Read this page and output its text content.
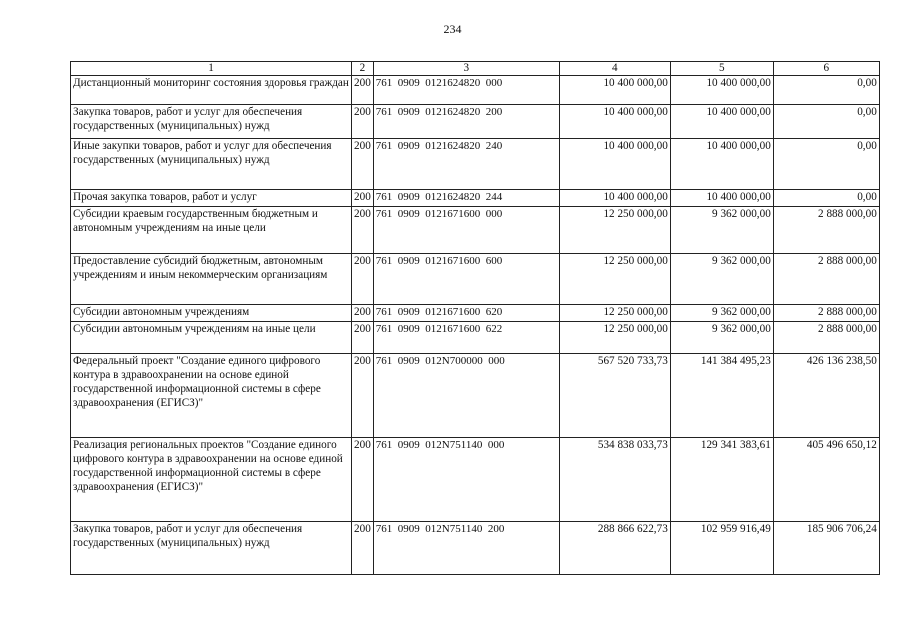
234
1	2	3	4	5	6
Дистанционный мониторинг состояния здоровья граждан	200	761  0909  0121624820  000	10 400 000,00	10 400 000,00	0,00
Закупка товаров, работ и услуг для обеспечения государственных (муниципальных) нужд	200	761  0909  0121624820  200	10 400 000,00	10 400 000,00	0,00
Иные закупки товаров, работ и услуг для обеспечения государственных (муниципальных) нужд	200	761  0909  0121624820  240	10 400 000,00	10 400 000,00	0,00
Прочая закупка товаров, работ и услуг	200	761  0909  0121624820  244	10 400 000,00	10 400 000,00	0,00
Субсидии краевым государственным бюджетным и автономным учреждениям на иные цели	200	761  0909  0121671600  000	12 250 000,00	9 362 000,00	2 888 000,00
Предоставление субсидий бюджетным, автономным учреждениям и иным некоммерческим организациям	200	761  0909  0121671600  600	12 250 000,00	9 362 000,00	2 888 000,00
Субсидии автономным учреждениям	200	761  0909  0121671600  620	12 250 000,00	9 362 000,00	2 888 000,00
Субсидии автономным учреждениям на иные цели	200	761  0909  0121671600  622	12 250 000,00	9 362 000,00	2 888 000,00
Федеральный проект "Создание единого цифрового контура в здравоохранении на основе единой государственной информационной системы в сфере здравоохранения (ЕГИСЗ)"	200	761  0909  012N700000  000	567 520 733,73	141 384 495,23	426 136 238,50
Реализация региональных проектов "Создание единого цифрового контура в здравоохранении на основе единой государственной информационной системы в сфере здравоохранения (ЕГИСЗ)"	200	761  0909  012N751140  000	534 838 033,73	129 341 383,61	405 496 650,12
Закупка товаров, работ и услуг для обеспечения государственных (муниципальных) нужд	200	761  0909  012N751140  200	288 866 622,73	102 959 916,49	185 906 706,24
